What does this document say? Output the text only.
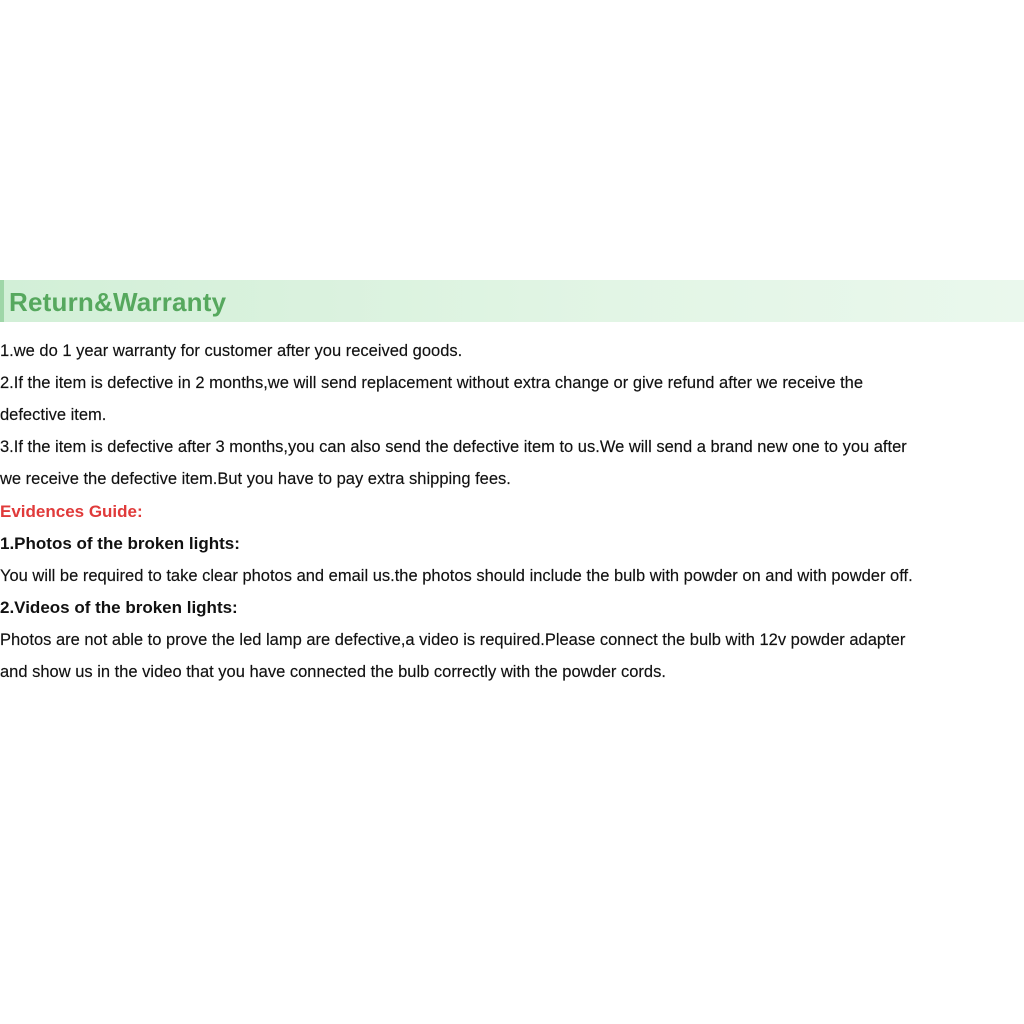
Return&Warranty
1.we do 1 year warranty for customer after you received goods.
2.If the item is defective in 2 months,we will send replacement without extra change or give refund after we receive the
defective item.
3.If the item is defective after 3 months,you can also send the defective item to us.We will send a brand new one to you after
we receive the defective item.But you have to pay extra shipping fees.
Evidences Guide:
1.Photos of the broken lights:
You will be required to take clear photos and email us.the photos should include the bulb with powder on and with powder off.
2.Videos of the broken lights:
Photos are not able to prove the led lamp are defective,a video is required.Please connect the bulb with 12v powder adapter
and show us in the video that you have connected the bulb correctly with the powder cords.
